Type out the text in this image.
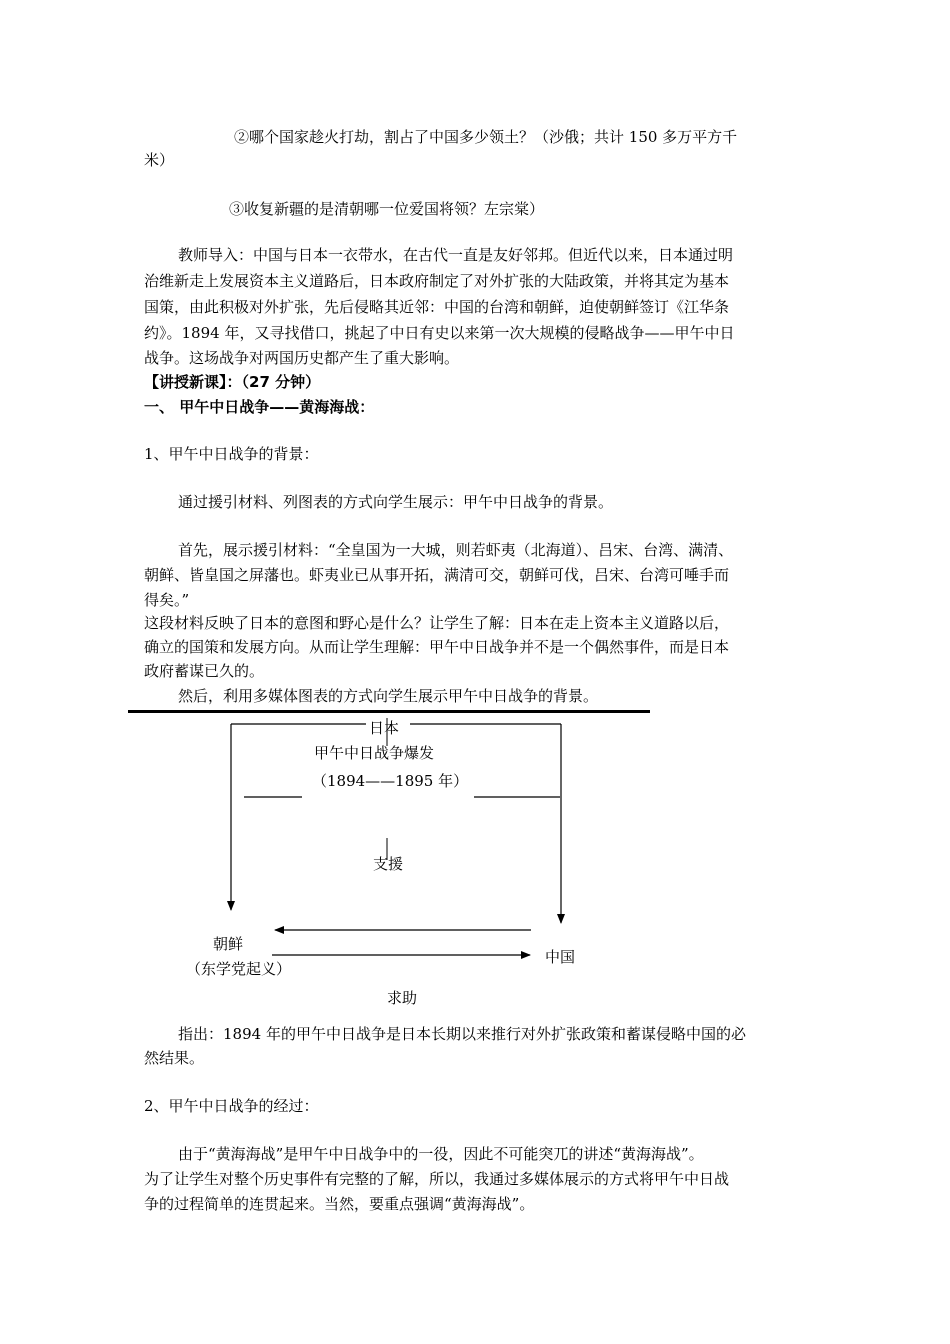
②哪个国家趁火打劫，割占了中国多少领土？（沙俄；共计 150 多万平方千
米）
③收复新疆的是清朝哪一位爱国将领？左宗棠）
教师导入：中国与日本一衣带水，在古代一直是友好邻邦。但近代以来，日本通过明
治维新走上发展资本主义道路后，日本政府制定了对外扩张的大陆政策，并将其定为基本
国策，由此积极对外扩张，先后侵略其近邻：中国的台湾和朝鲜，迫使朝鲜签订《江华条
约》。1894 年，又寻找借口，挑起了中日有史以来第一次大规模的侵略战争——甲午中日
战争。这场战争对两国历史都产生了重大影响。
【讲授新课】：（27 分钟）
一、 甲午中日战争——黄海海战：
1、甲午中日战争的背景：
通过援引材料、列图表的方式向学生展示：甲午中日战争的背景。
首先，展示援引材料：“全皇国为一大城，则若虾夷（北海道）、吕宋、台湾、满清、
朝鲜、皆皇国之屏藩也。虾夷业已从事开拓，满清可交，朝鲜可伐，吕宋、台湾可唾手而
得矣。”
这段材料反映了日本的意图和野心是什么？让学生了解：日本在走上资本主义道路以后，
确立的国策和发展方向。从而让学生理解：甲午中日战争并不是一个偶然事件，而是日本
政府蓄谋已久的。
然后，利用多媒体图表的方式向学生展示甲午中日战争的背景。
日本
甲午中日战争爆发
（1894——1895 年）
支援
朝鲜
（东学党起义）
中国
求助
指出：1894 年的甲午中日战争是日本长期以来推行对外扩张政策和蓄谋侵略中国的必
然结果。
2、甲午中日战争的经过：
由于“黄海海战”是甲午中日战争中的一役，因此不可能突兀的讲述“黄海海战”。
为了让学生对整个历史事件有完整的了解，所以，我通过多媒体展示的方式将甲午中日战
争的过程简单的连贯起来。当然，要重点强调“黄海海战”。
